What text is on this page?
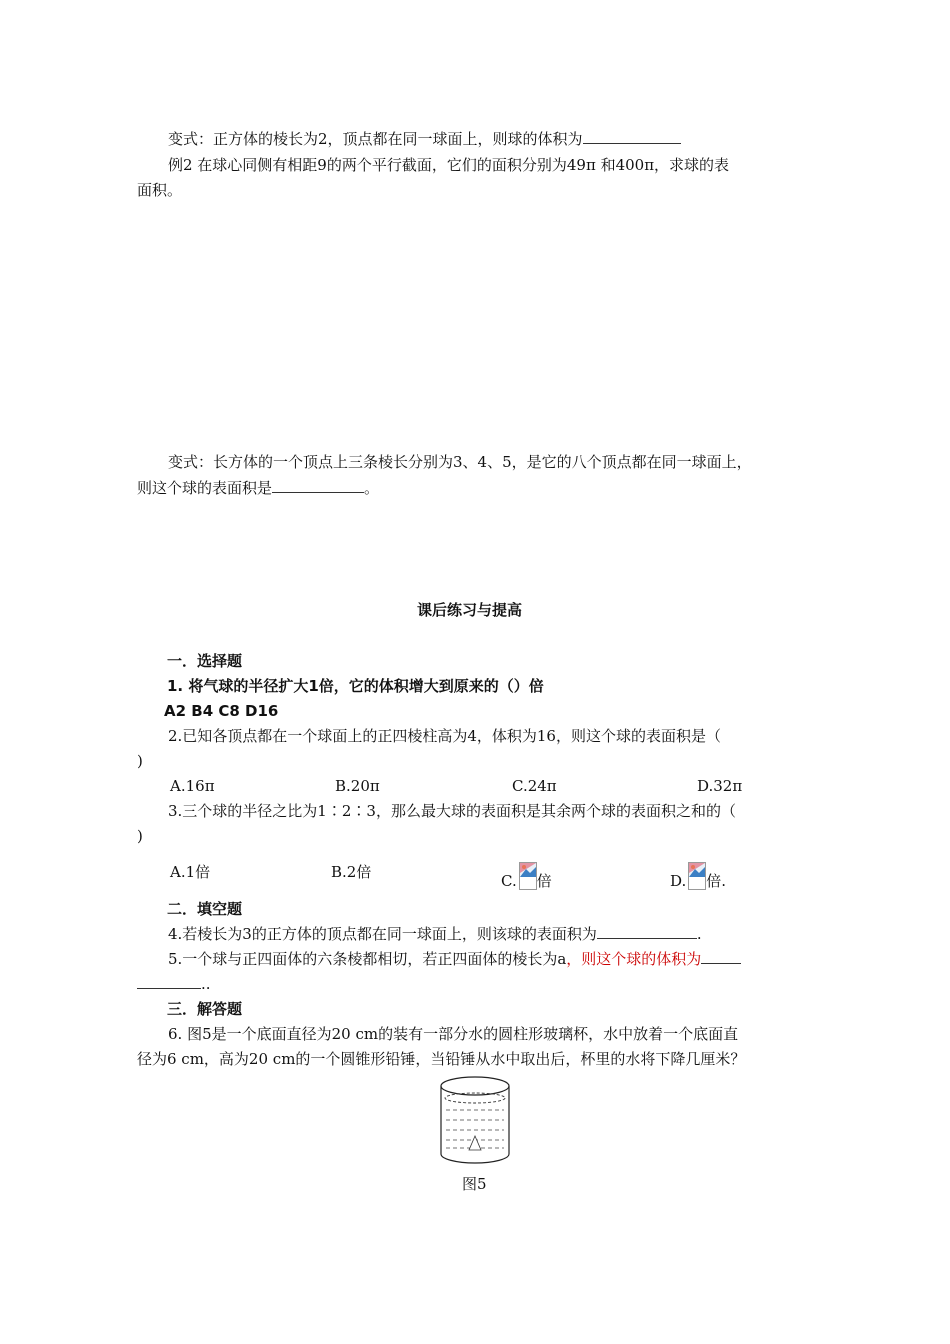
变式：正方体的棱长为2，顶点都在同一球面上，则球的体积为
例2 在球心同侧有相距9的两个平行截面，它们的面积分别为49π 和400π，求球的表
面积。
变式：长方体的一个顶点上三条棱长分别为3、4、5，是它的八个顶点都在同一球面上，
则这个球的表面积是	。
课后练习与提高
一．选择题
1. 将气球的半径扩大1倍，它的体积增大到原来的（）倍
A2 B4 C8 D16
2.已知各顶点都在一个球面上的正四棱柱高为4，体积为16，则这个球的表面积是（
)
A.16π	B.20π	C.24π	D.32π
3.三个球的半径之比为1∶2∶3，那么最大球的表面积是其余两个球的表面积之和的（
)
A.1倍	B.2倍	C. 倍	D. 倍.
二．填空题
4.若棱长为3的正方体的顶点都在同一球面上，则该球的表面积为	.
5.一个球与正四面体的六条棱都相切，若正四面体的棱长为a，则这个球的体积为
..
三．解答题
6. 图5是一个底面直径为20 cm的装有一部分水的圆柱形玻璃杯，水中放着一个底面直
径为6 cm，高为20 cm的一个圆锥形铅锤，当铅锤从水中取出后，杯里的水将下降几厘米？
图5
